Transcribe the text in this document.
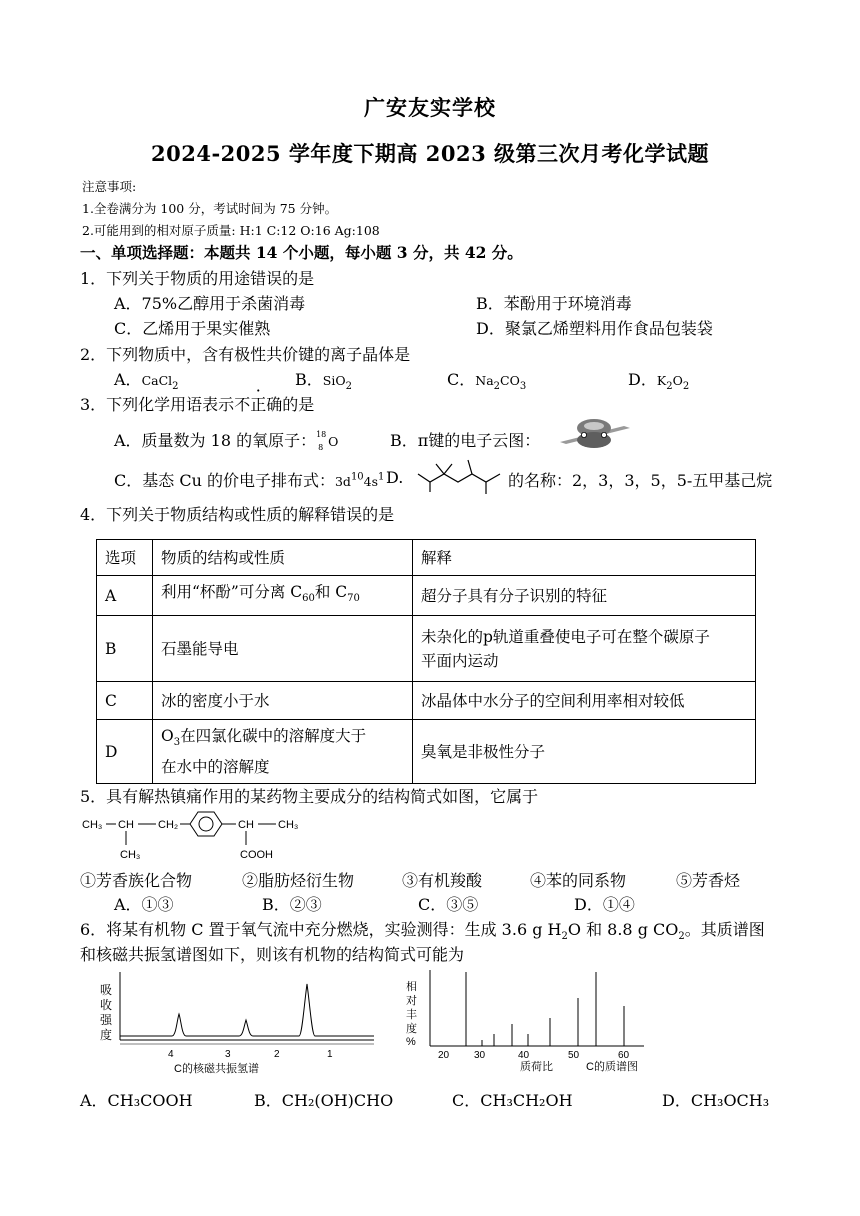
广安友实学校
2024-2025 学年度下期高 2023 级第三次月考化学试题
注意事项:
1.全卷满分为 100 分，考试时间为 75 分钟。
2.可能用到的相对原子质量: H:1 C:12 O:16 Ag:108
一、单项选择题：本题共 14 个小题，每小题 3 分，共 42 分。
1．下列关于物质的用途错误的是
A．75%乙醇用于杀菌消毒	B．苯酚用于环境消毒
C．乙烯用于果实催熟	D．聚氯乙烯塑料用作食品包装袋
2．下列物质中，含有极性共价键的离子晶体是
A．CaCl$_2$	B．SiO$_2$	C．$Na_2CO_3$	D．$K_2O_2$
3．下列化学用语表示不正确的是
A．质量数为 18 的氧原子： 18
8 O	B．π键的电子云图：
C．基态 Cu 的价电子排布式：$3d^{10}4s^1$ D.	的名称：2，3，3，5，5-五甲基己烷
4．下列关于物质结构或性质的解释错误的是
选项	物质的结构或性质	解释
A	利用“杯酚”可分离 $C_{60}$和 $C_{70}$	超分子具有分子识别的特征
B	石墨能导电	未杂化的p轨道重叠使电子可在整个碳原子
平面内运动
C	冰的密度小于水	冰晶体中水分子的空间利用率相对较低
D	$O_3$在四氯化碳中的溶解度大于
在水中的溶解度	臭氧是非极性分子
5．具有解热镇痛作用的某药物主要成分的结构简式如图，它属于
CH₃ CH
CH₃
CH₂	CH CH₃
COOH
①芳香族化合物	②脂肪烃衍生物	③有机羧酸	④苯的同系物	⑤芳香烃
A．①③	B．②③	C．③⑤	D．①④
6．将某有机物 C 置于氧气流中充分燃烧，实验测得：生成 3.6 g $H_2O$ 和 8.8 g $CO_2$。其质谱图
和核磁共振氢谱图如下，则该有机物的结构简式可能为
吸
收
强
度
4	3	2	1
C的核磁共振氢谱
相
对
丰
度
%
20 30	40	50	60
质荷比	C的质谱图
A．CH₃COOH	B．CH₂(OH)CHO	C．CH₃CH₂OH	D．CH₃OCH₃
